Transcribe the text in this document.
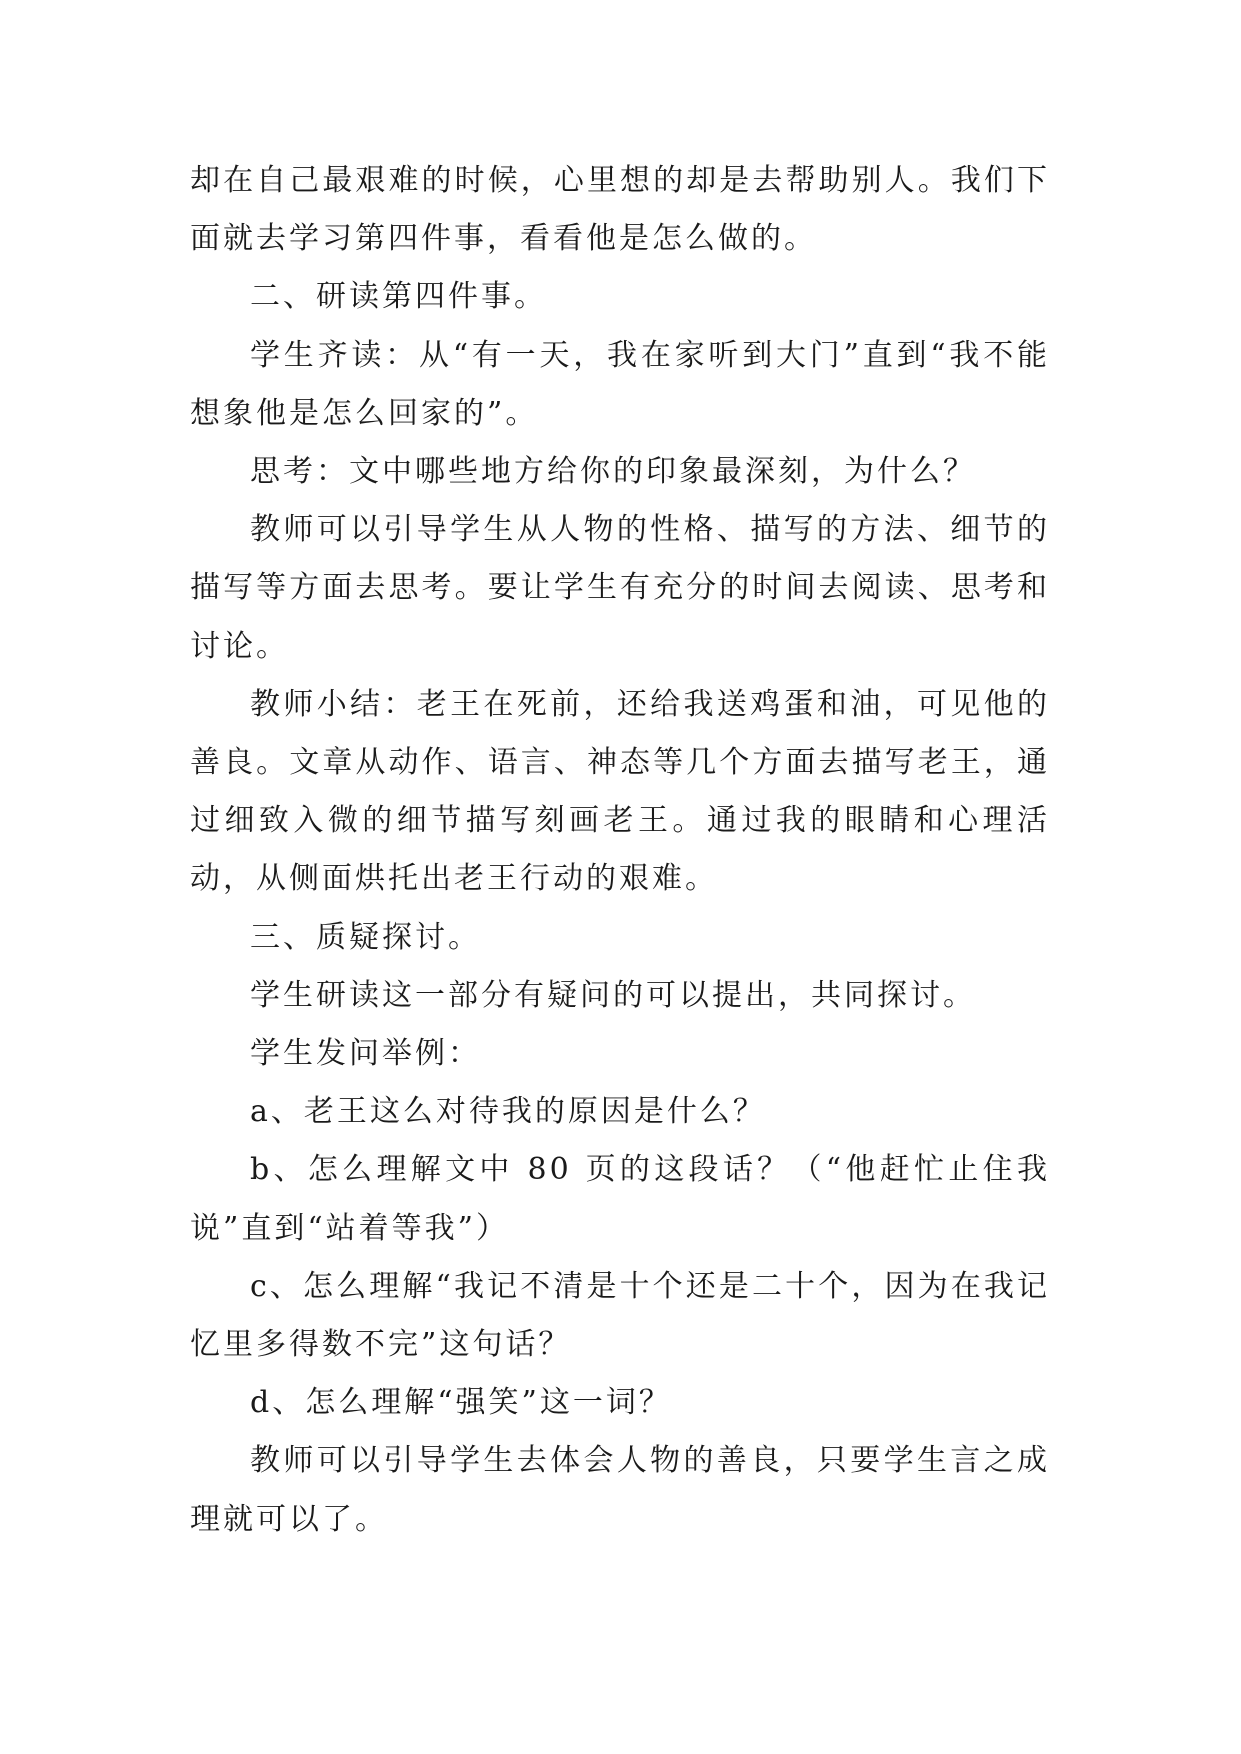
却在自己最艰难的时候，心里想的却是去帮助别人。我们下面就去学习第四件事，看看他是怎么做的。

二、研读第四件事。

学生齐读：从“有一天，我在家听到大门”直到“我不能想象他是怎么回家的”。

思考：文中哪些地方给你的印象最深刻，为什么？

教师可以引导学生从人物的性格、描写的方法、细节的描写等方面去思考。要让学生有充分的时间去阅读、思考和讨论。

教师小结：老王在死前，还给我送鸡蛋和油，可见他的善良。文章从动作、语言、神态等几个方面去描写老王，通过细致入微的细节描写刻画老王。通过我的眼睛和心理活动，从侧面烘托出老王行动的艰难。

三、质疑探讨。

学生研读这一部分有疑问的可以提出，共同探讨。

学生发问举例：

a、老王这么对待我的原因是什么？

b、怎么理解文中 80 页的这段话？（“他赶忙止住我说”直到“站着等我”）

c、怎么理解“我记不清是十个还是二十个，因为在我记忆里多得数不完”这句话？

d、怎么理解“强笑”这一词？

教师可以引导学生去体会人物的善良，只要学生言之成理就可以了。
